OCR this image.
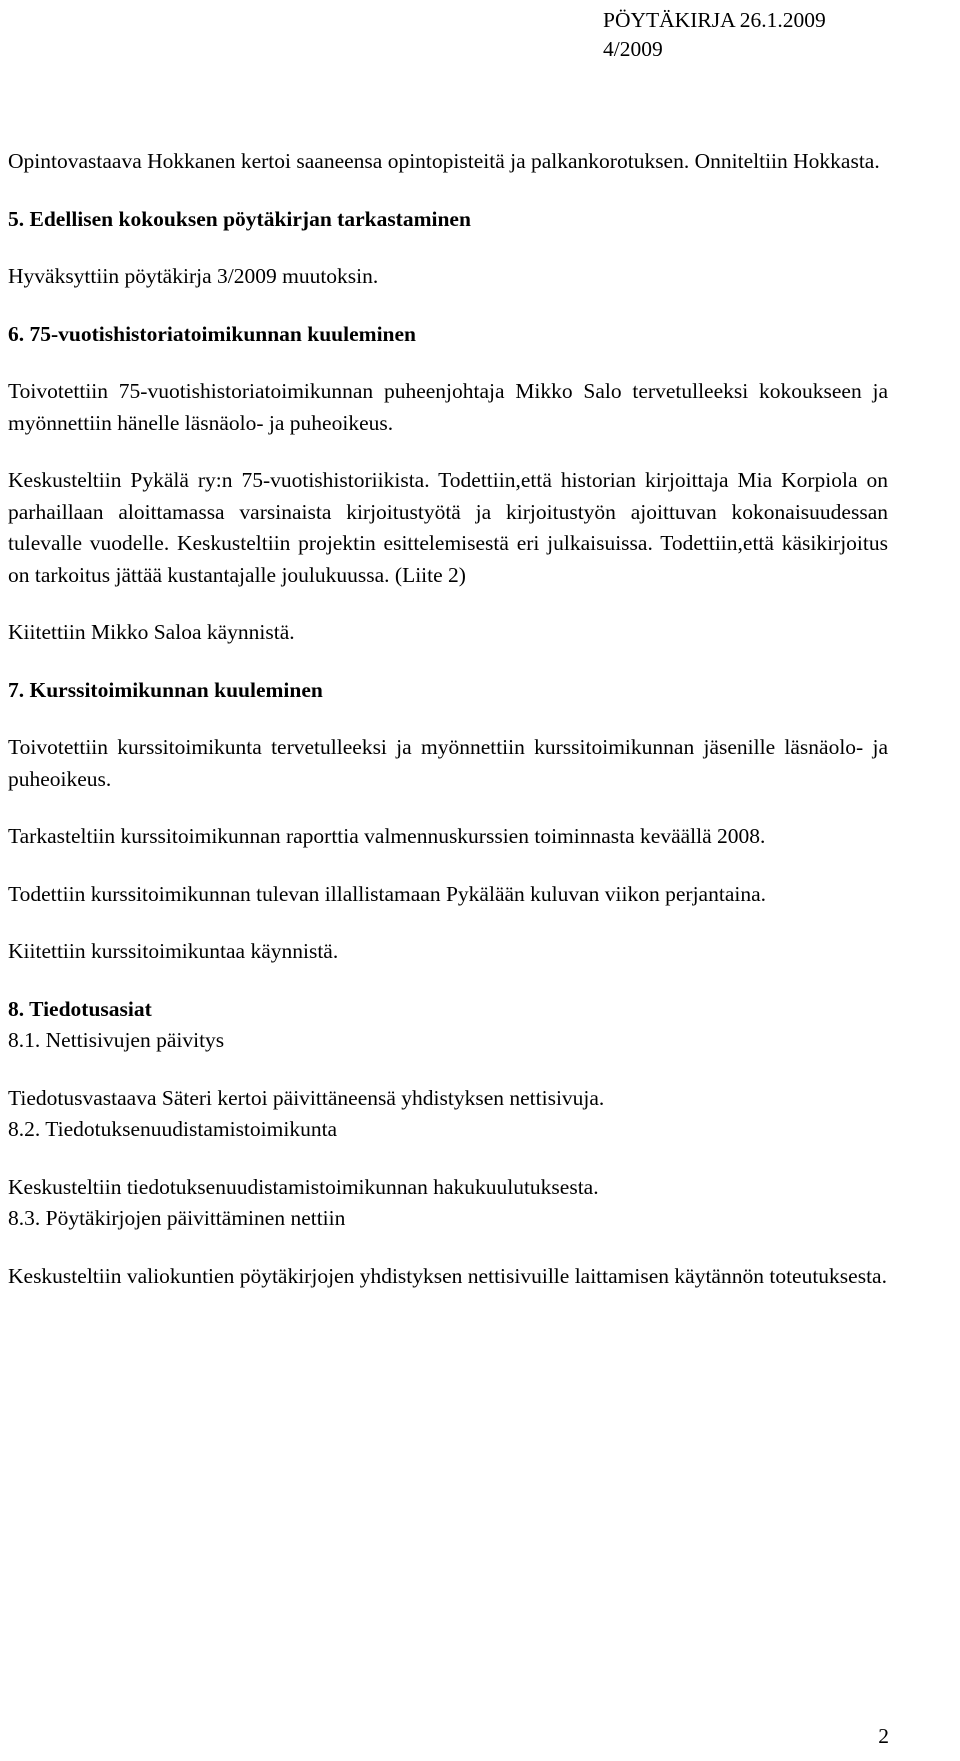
PÖYTÄKIRJA 26.1.2009
4/2009

Opintovastaava Hokkanen kertoi saaneensa opintopisteitä ja palkankorotuksen. Onniteltiin Hokkasta.

5. Edellisen kokouksen pöytäkirjan tarkastaminen

Hyväksyttiin pöytäkirja 3/2009 muutoksin.

6. 75-vuotishistoriatoimikunnan kuuleminen

Toivotettiin 75-vuotishistoriatoimikunnan puheenjohtaja Mikko Salo tervetulleeksi kokoukseen ja myönnettiin hänelle läsnäolo- ja puheoikeus.

Keskusteltiin Pykälä ry:n 75-vuotishistoriikista. Todettiin,että historian kirjoittaja Mia Korpiola on parhaillaan aloittamassa varsinaista kirjoitustyötä ja kirjoitustyön ajoittuvan kokonaisuudessan tulevalle vuodelle. Keskusteltiin projektin esittelemisestä eri julkaisuissa. Todettiin,että käsikirjoitus on tarkoitus jättää kustantajalle joulukuussa. (Liite 2)

Kiitettiin Mikko Saloa käynnistä.

7. Kurssitoimikunnan kuuleminen

Toivotettiin kurssitoimikunta tervetulleeksi ja myönnettiin kurssitoimikunnan jäsenille läsnäolo- ja puheoikeus.

Tarkasteltiin kurssitoimikunnan raporttia valmennuskurssien toiminnasta keväällä 2008.

Todettiin kurssitoimikunnan tulevan illallistamaan Pykälään kuluvan viikon perjantaina.

Kiitettiin kurssitoimikuntaa käynnistä.

8. Tiedotusasiat

8.1. Nettisivujen päivitys

Tiedotusvastaava Säteri kertoi päivittäneensä yhdistyksen nettisivuja.

8.2. Tiedotuksenuudistamistoimikunta

Keskusteltiin tiedotuksenuudistamistoimikunnan hakukuulutuksesta.

8.3. Pöytäkirjojen päivittäminen nettiin

Keskusteltiin valiokuntien pöytäkirjojen yhdistyksen nettisivuille laittamisen käytännön toteutuksesta.

2
